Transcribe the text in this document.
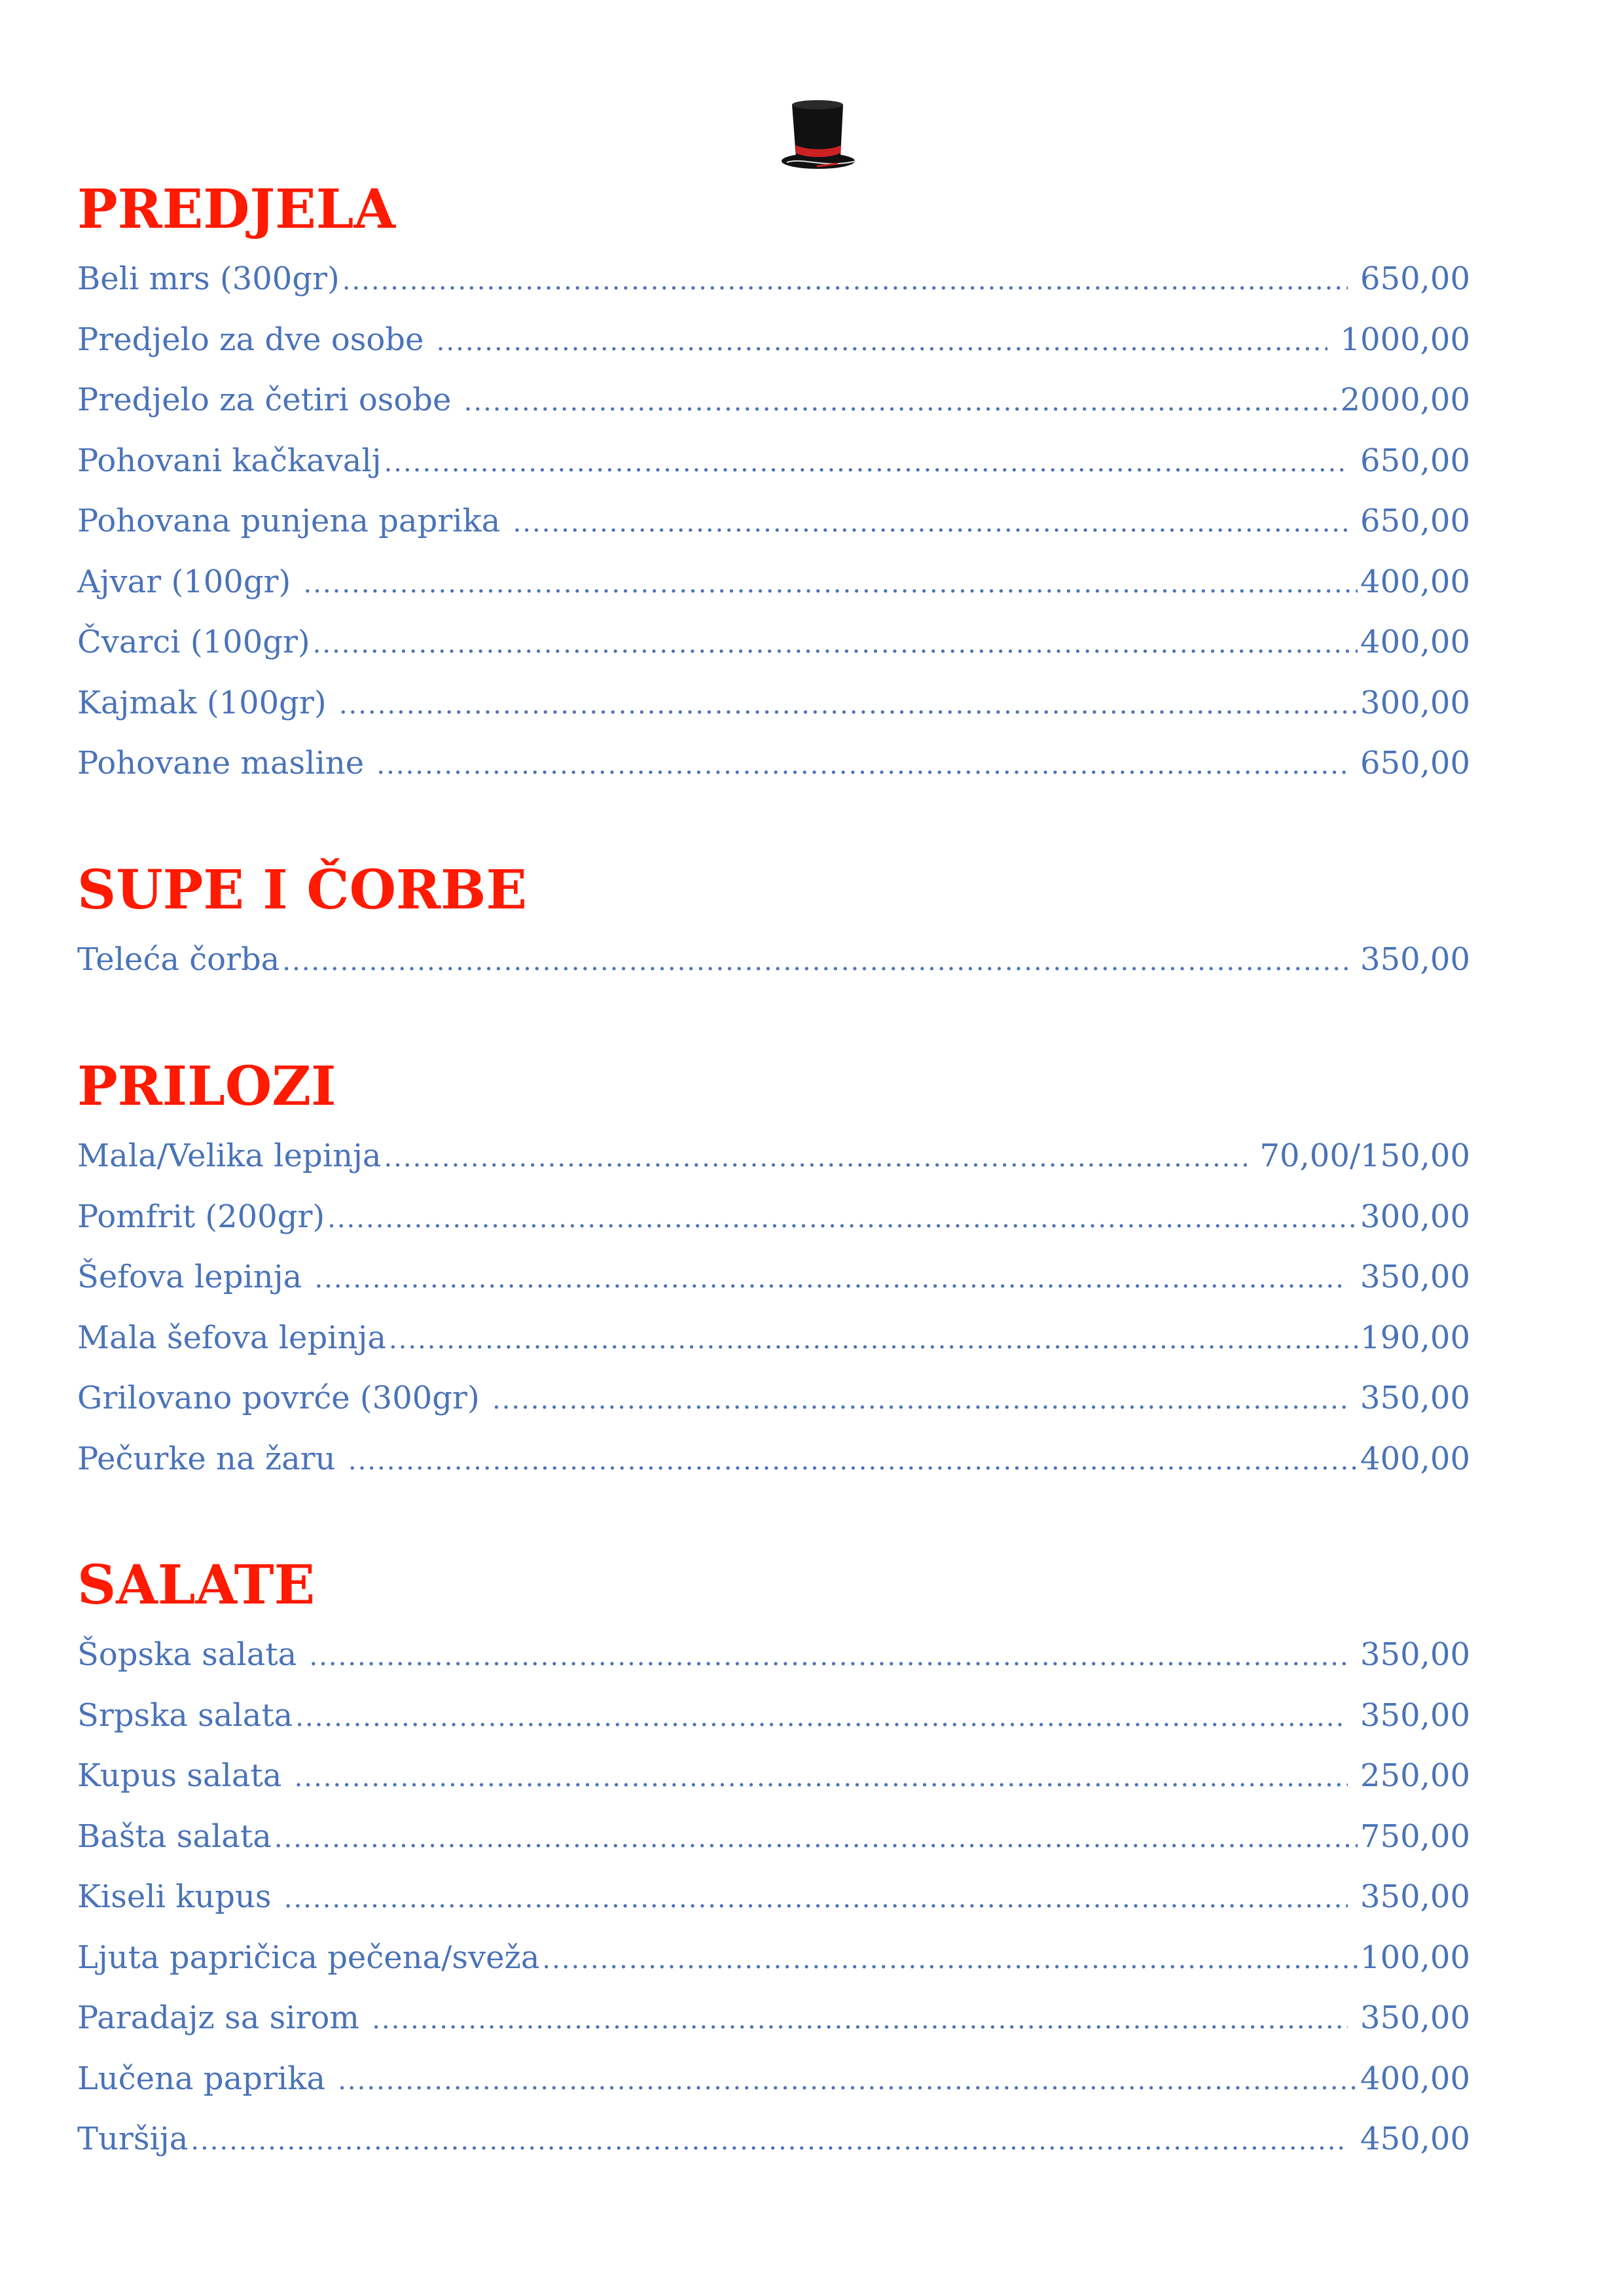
PREDJELA
Beli mrs (300gr) .....	650,00
Predjelo za dve osobe .....	1000,00
Predjelo za četiri osobe .....	2000,00
Pohovani kačkavalj .....	650,00
Pohovana punjena paprika .....	650,00
Ajvar (100gr) .....	400,00
Čvarci (100gr) .....	400,00
Kajmak (100gr) .....	300,00
Pohovane masline .....	650,00
SUPE I ČORBE
Teleća čorba .....	350,00
PRILOZI
Mala/Velika lepinja .....	70,00/150,00
Pomfrit (200gr) .....	300,00
Šefova lepinja .....	350,00
Mala šefova lepinja .....	190,00
Grilovano povrće (300gr) .....	350,00
Pečurke na žaru .....	400,00
SALATE
Šopska salata .....	350,00
Srpska salata .....	350,00
Kupus salata .....	250,00
Bašta salata .....	750,00
Kiseli kupus .....	350,00
Ljuta papričica pečena/sveža .....	100,00
Paradajz sa sirom .....	350,00
Lučena paprika .....	400,00
Turšija .....	450,00
